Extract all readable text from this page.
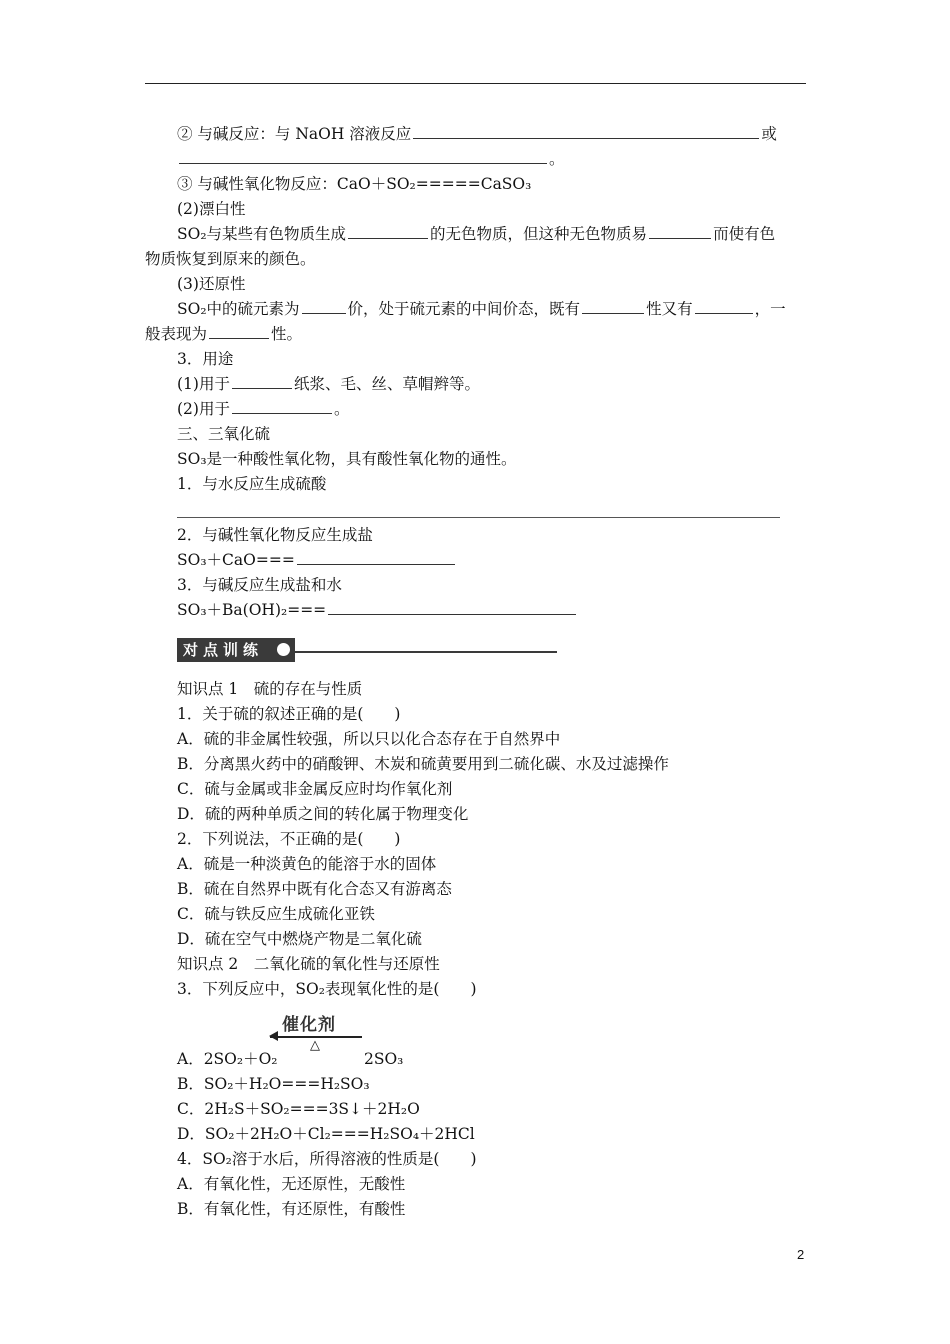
② 与碱反应：与 NaOH 溶液反应	或
。
③ 与碱性氧化物反应：CaO＋SO₂=====CaSO₃
(2)漂白性
SO₂与某些有色物质生成	的无色物质，但这种无色物质易	而使有色
物质恢复到原来的颜色。
(3)还原性
SO₂中的硫元素为	价，处于硫元素的中间价态，既有	性又有	，一
般表现为	性。
3．用途
(1)用于	纸浆、毛、丝、草帽辫等。
(2)用于	。
三、三氧化硫
SO₃是一种酸性氧化物，具有酸性氧化物的通性。
1．与水反应生成硫酸
2．与碱性氧化物反应生成盐
SO₃＋CaO===
3．与碱反应生成盐和水
SO₃＋Ba(OH)₂===
对点训练
知识点 1　硫的存在与性质
1．关于硫的叙述正确的是(　　)
A．硫的非金属性较强，所以只以化合态存在于自然界中
B．分离黑火药中的硝酸钾、木炭和硫黄要用到二硫化碳、水及过滤操作
C．硫与金属或非金属反应时均作氧化剂
D．硫的两种单质之间的转化属于物理变化
2．下列说法，不正确的是(　　)
A．硫是一种淡黄色的能溶于水的固体
B．硫在自然界中既有化合态又有游离态
C．硫与铁反应生成硫化亚铁
D．硫在空气中燃烧产物是二氧化硫
知识点 2　二氧化硫的氧化性与还原性
3．下列反应中，SO₂表现氧化性的是(　　)
催化剂
△
A．2SO₂＋O₂	2SO₃
B．SO₂＋H₂O===H₂SO₃
C．2H₂S＋SO₂===3S↓＋2H₂O
D．SO₂＋2H₂O＋Cl₂===H₂SO₄＋2HCl
4．SO₂溶于水后，所得溶液的性质是(　　)
A．有氧化性，无还原性，无酸性
B．有氧化性，有还原性，有酸性
2
